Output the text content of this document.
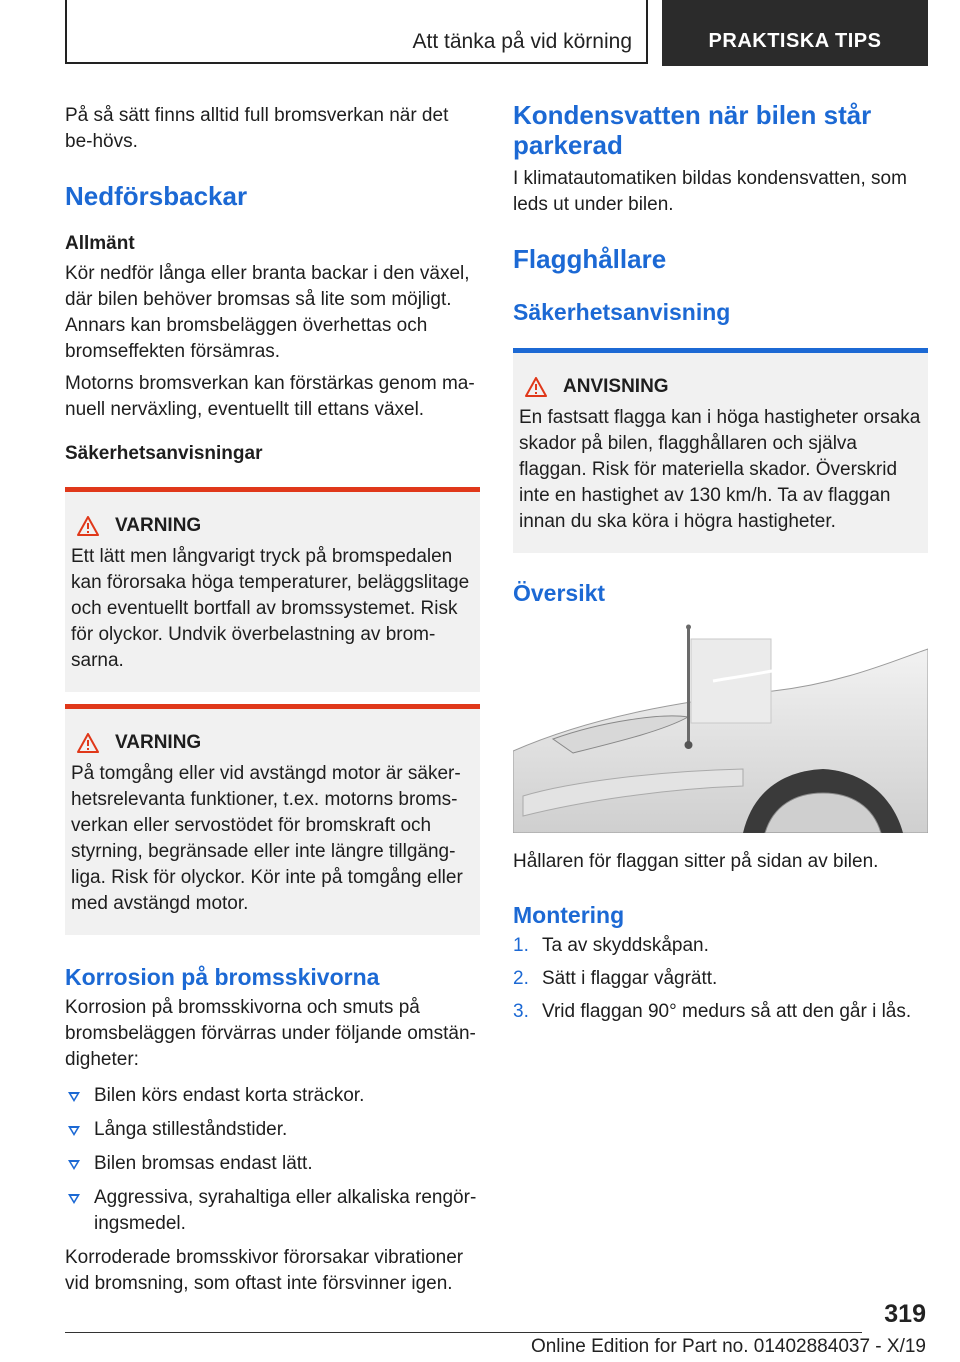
Att tänka på vid körning	PRAKTISKA TIPS

På så sätt finns alltid full bromsverkan när det be-hövs.

Nedförsbackar
Allmänt

Kör nedför långa eller branta backar i den växel, där bilen behöver bromsas så lite som möjligt. Annars kan bromsbeläggen överhettas och bromseffekten försämras.

Motorns bromsverkan kan förstärkas genom ma-nuell nerväxling, eventuellt till ettans växel.

Säkerhetsanvisningar
VARNING

Ett lätt men långvarigt tryck på bromspedalen kan förorsaka höga temperaturer, beläggslitage och eventuellt bortfall av bromssystemet. Risk för olyckor. Undvik överbelastning av brom-sarna.

VARNING

På tomgång eller vid avstängd motor är säker-hetsrelevanta funktioner, t.ex. motorns broms-verkan eller servostödet för bromskraft och styrning, begränsade eller inte längre tillgäng-liga. Risk för olyckor. Kör inte på tomgång eller med avstängd motor.

Korrosion på bromsskivorna

Korrosion på bromsskivorna och smuts på bromsbeläggen förvärras under följande omstän-digheter:

Bilen körs endast korta sträckor.
Långa stilleståndstider.
Bilen bromsas endast lätt.
Aggressiva, syrahaltiga eller alkaliska rengör-ingsmedel.

Korroderade bromsskivor förorsakar vibrationer vid bromsning, som oftast inte försvinner igen.

Kondensvatten när bilen står parkerad

I klimatautomatiken bildas kondensvatten, som leds ut under bilen.

Flagghållare
Säkerhetsanvisning
ANVISNING

En fastsatt flagga kan i höga hastigheter orsaka skador på bilen, flagghållaren och själva flaggan. Risk för materiella skador. Överskrid inte en hastighet av 130 km/h. Ta av flaggan innan du ska köra i högra hastigheter.

Översikt

Hållaren för flaggan sitter på sidan av bilen.

Montering
1. Ta av skyddskåpan.
2. Sätt i flaggar vågrätt.
3. Vrid flaggan 90° medurs så att den går i lås.
319
Online Edition for Part no. 01402884037 - X/19
